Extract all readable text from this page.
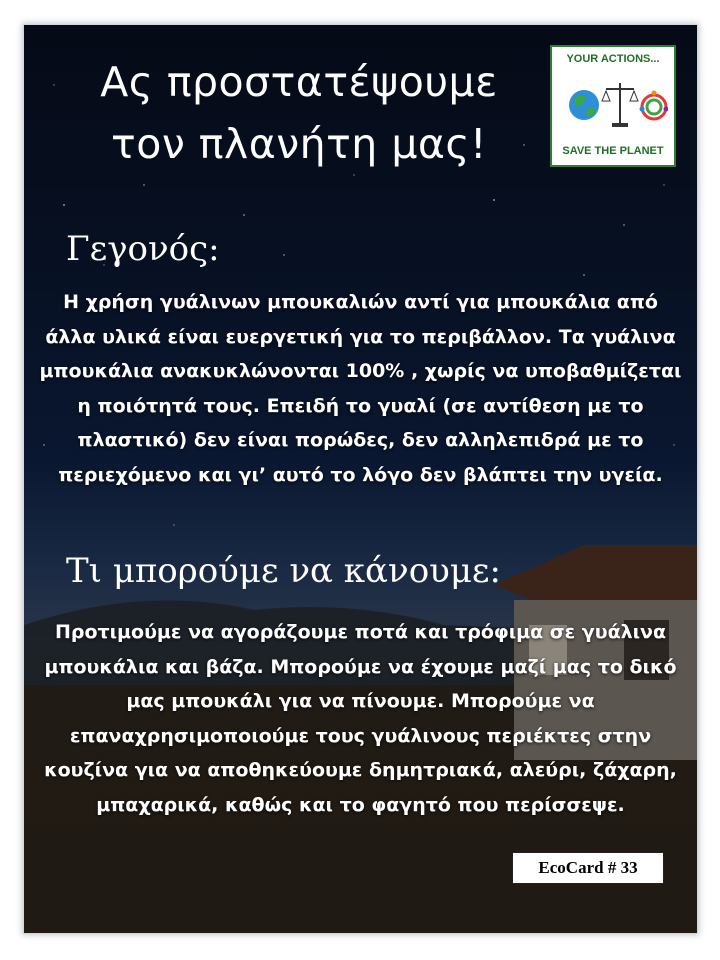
Ας προστατέψουμε τον πλανήτη μας!
YOUR ACTIONS...
SAVE THE PLANET
Γεγονός:
Η χρήση γυάλινων μπουκαλιών αντί για μπουκάλια από άλλα υλικά είναι ευεργετική για το περιβάλλον. Τα γυάλινα μπουκάλια ανακυκλώνονται 100% , χωρίς να υποβαθμίζεται η ποιότητά τους. Επειδή το γυαλί (σε αντίθεση με το πλαστικό) δεν είναι πορώδες, δεν αλληλεπιδρά με το περιεχόμενο και γι’ αυτό το λόγο δεν βλάπτει την υγεία.
Τι μπορούμε να κάνουμε:
Προτιμούμε να αγοράζουμε ποτά και τρόφιμα σε γυάλινα μπουκάλια και βάζα. Μπορούμε να έχουμε μαζί μας το δικό μας μπουκάλι για να πίνουμε. Μπορούμε να επαναχρησιμοποιούμε τους γυάλινους περιέκτες στην κουζίνα για να αποθηκεύουμε δημητριακά, αλεύρι, ζάχαρη, μπαχαρικά, καθώς και το φαγητό που περίσσεψε.
EcoCard # 33
